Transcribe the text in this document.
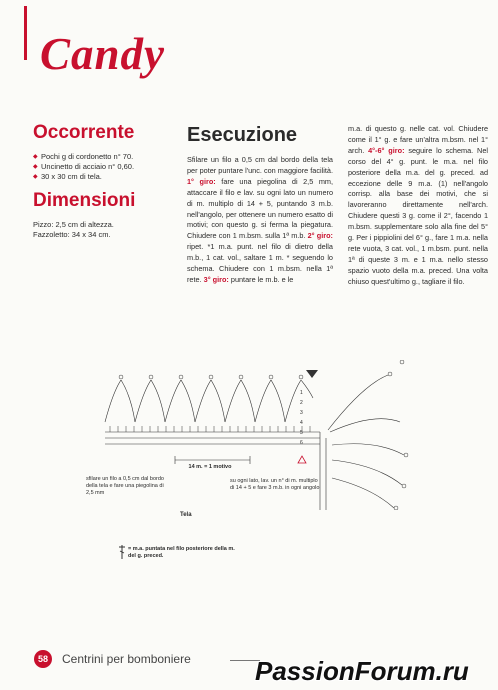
Candy
Occorrente
◆ Pochi g di cordonetto n° 70.
◆ Uncinetto di acciaio n° 0,60.
◆ 30 x 30 cm di tela.
Dimensioni
Pizzo: 2,5 cm di altezza.
Fazzoletto: 34 x 34 cm.
Esecuzione
Sfilare un filo a 0,5 cm dal bordo della tela per poter puntare l'unc. con maggiore facilità. 1° giro: fare una piegolina di 2,5 mm, attaccare il filo e lav. su ogni lato un numero di m. multiplo di 14 + 5, puntando 3 m.b. nell'angolo, per ottenere un numero esatto di motivi; con questo g. si ferma la piegatura. Chiudere con 1 m.bsm. sulla 1ª m.b. 2° giro: ripet. *1 m.a. punt. nel filo di dietro della m.b., 1 cat. vol., saltare 1 m. * seguendo lo schema. Chiudere con 1 m.bsm. nella 1ª rete. 3° giro: puntare le m.b. e le
m.a. di questo g. nelle cat. vol. Chiudere come il 1° g. e fare un'altra m.bsm. nel 1° arch. 4°-6° giro: seguire lo schema. Nel corso del 4° g. punt. le m.a. nel filo posteriore della m.a. del g. preced. ad eccezione delle 9 m.a. (1) nell'angolo corrisp. alla base dei motivi, che si lavoreranno direttamente nell'arch. Chiudere questi 3 g. come il 2°, facendo 1 m.bsm. supplementare solo alla fine del 5° g. Per i pippiolini del 6° g., fare 1 m.a. nella rete vuota, 3 cat. vol., 1 m.bsm. punt. nella 1ª di queste 3 m. e 1 m.a. nello stesso spazio vuoto della m.a. preced. Una volta chiuso quest'ultimo g., tagliare il filo.
14 m. = 1 motivo
sfilare un filo a 0,5 cm dal bordo della tela e fare una piegolina di 2,5 mm
su ogni lato, lav. un n° di m. multiplo di 14 + 5 e fare 3 m.b. in ogni angolo
Tela
1
2
3
4
5
6
= m.a. puntata nel filo posteriore della m. del g. preced.
58	Centrini per bomboniere PassionForum.ru
